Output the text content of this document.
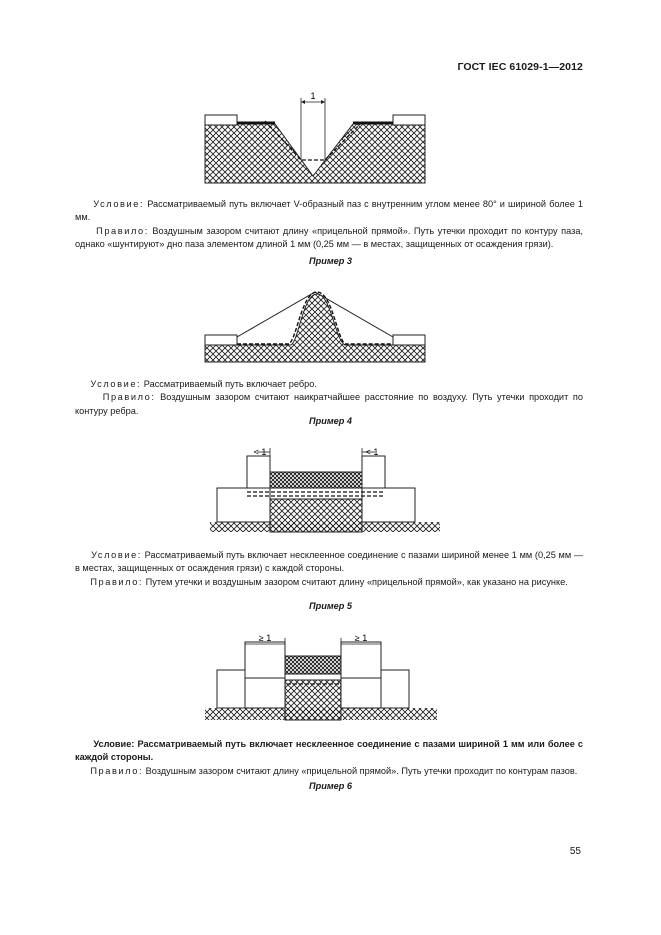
ГОСТ IEC 61029-1—2012
1

Условие: Рассматриваемый путь включает V-образный паз с внутренним углом менее 80° и шириной более 1 мм.

Правило: Воздушным зазором считают длину «прицельной прямой». Путь утечки проходит по контуру паза, однако «шунтируют» дно паза элементом длиной 1 мм (0,25 мм — в местах, защищенных от осаждения грязи).

Пример 3

Условие: Рассматриваемый путь включает ребро.

Правило: Воздушным зазором считают наикратчайшее расстояние по воздуху. Путь утечки проходит по контуру ребра.

Пример 4
< 1	< 1

Условие: Рассматриваемый путь включает несклеенное соединение с пазами шириной менее 1 мм (0,25 мм — в местах, защищенных от осаждения грязи) с каждой стороны.

Правило: Путем утечки и воздушным зазором считают длину «прицельной прямой», как указано на рисунке.

Пример 5
≥ 1	≥ 1

Условие: Рассматриваемый путь включает несклеенное соединение с пазами шириной 1 мм или более с каждой стороны.

Правило: Воздушным зазором считают длину «прицельной прямой». Путь утечки проходит по контурам пазов.

Пример 6
55
